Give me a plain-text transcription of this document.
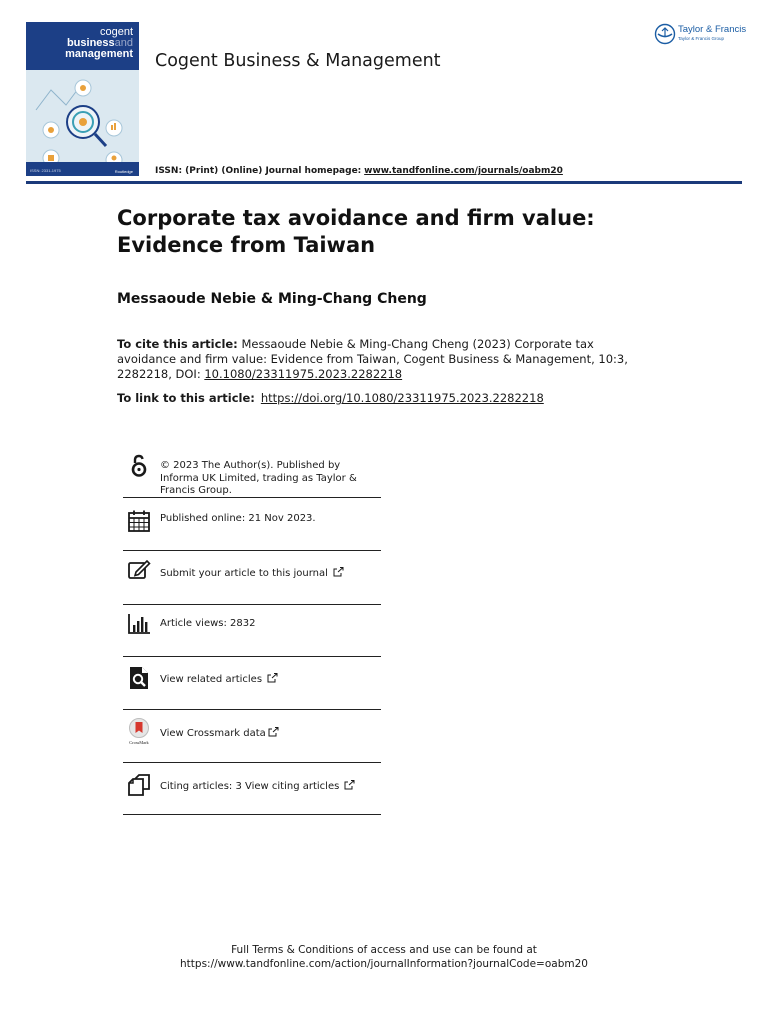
cogent
businessand
management
ISSN: 2331-1975	Routledge
Cogent Business & Management
ISSN: (Print) (Online) Journal homepage: www.tandfonline.com/journals/oabm20
Taylor & Francis
Taylor & Francis Group
Corporate tax avoidance and firm value: Evidence from Taiwan
Messaoude Nebie & Ming-Chang Cheng
To cite this article: Messaoude Nebie & Ming-Chang Cheng (2023) Corporate tax avoidance and firm value: Evidence from Taiwan, Cogent Business & Management, 10:3, 2282218, DOI: 10.1080/23311975.2023.2282218
To link to this article: https://doi.org/10.1080/23311975.2023.2282218
© 2023 The Author(s). Published by Informa UK Limited, trading as Taylor & Francis Group.
Published online: 21 Nov 2023.
Submit your article to this journal
Article views: 2832
View related articles
CrossMark
View Crossmark data
Citing articles: 3 View citing articles
Full Terms & Conditions of access and use can be found at
https://www.tandfonline.com/action/journalInformation?journalCode=oabm20
